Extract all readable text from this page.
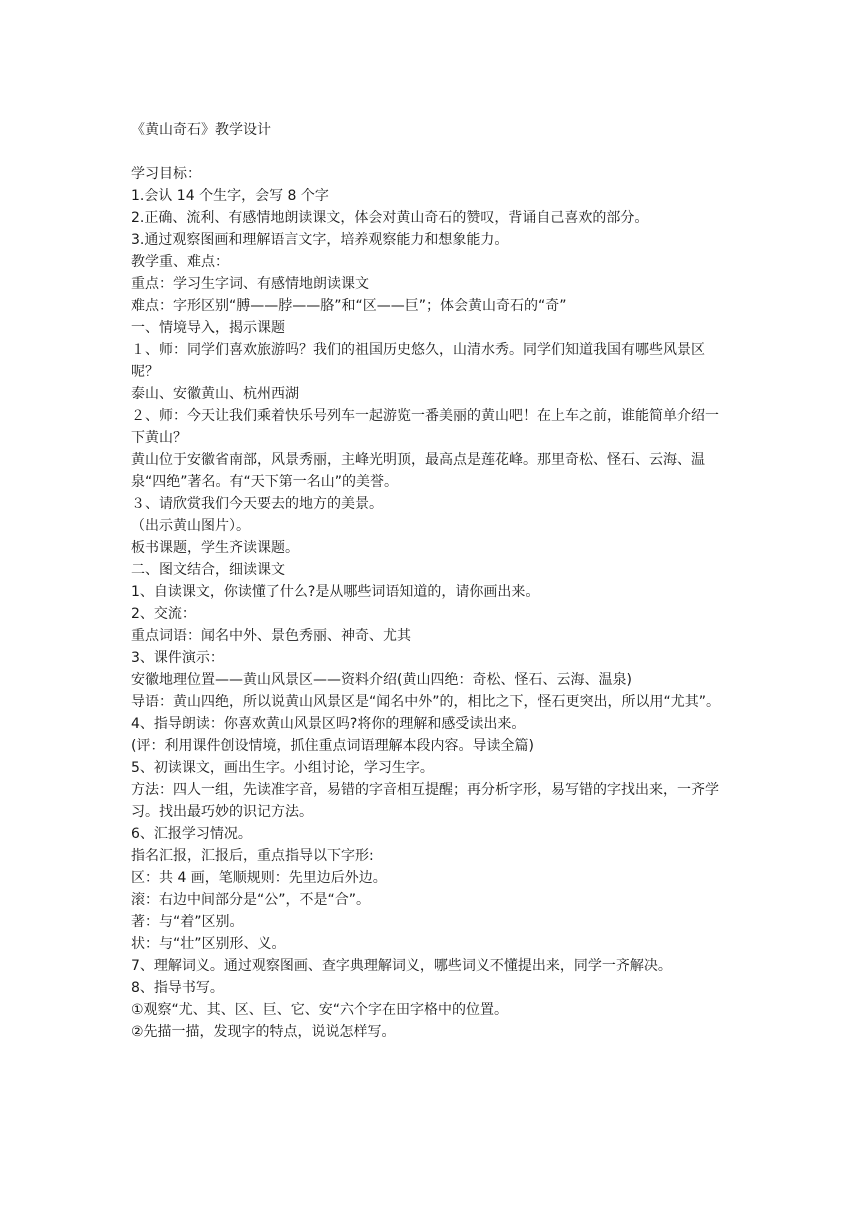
《黄山奇石》教学设计

学习目标：

1.会认 14 个生字，会写 8 个字

2.正确、流利、有感情地朗读课文，体会对黄山奇石的赞叹，背诵自己喜欢的部分。

3.通过观察图画和理解语言文字，培养观察能力和想象能力。

教学重、难点：

重点：学习生字词、有感情地朗读课文

难点：字形区别“膊——脖——胳”和“区——巨”；体会黄山奇石的“奇”

一、情境导入，揭示课题

１、师：同学们喜欢旅游吗？我们的祖国历史悠久，山清水秀。同学们知道我国有哪些风景区呢？

泰山、安徽黄山、杭州西湖

２、师：今天让我们乘着快乐号列车一起游览一番美丽的黄山吧！在上车之前，谁能简单介绍一下黄山？

黄山位于安徽省南部，风景秀丽，主峰光明顶，最高点是莲花峰。那里奇松、怪石、云海、温泉“四绝”著名。有“天下第一名山”的美誉。

３、请欣赏我们今天要去的地方的美景。

（出示黄山图片）。

板书课题，学生齐读课题。

二、图文结合，细读课文

1、自读课文，你读懂了什么?是从哪些词语知道的，请你画出来。

2、交流：

重点词语：闻名中外、景色秀丽、神奇、尤其

3、课件演示：

安徽地理位置——黄山风景区——资料介绍(黄山四绝：奇松、怪石、云海、温泉)

导语：黄山四绝，所以说黄山风景区是“闻名中外”的，相比之下，怪石更突出，所以用“尤其”。

4、指导朗读：你喜欢黄山风景区吗?将你的理解和感受读出来。

(评：利用课件创设情境，抓住重点词语理解本段内容。导读全篇)

5、初读课文，画出生字。小组讨论，学习生字。

方法：四人一组，先读准字音，易错的字音相互提醒；再分析字形，易写错的字找出来，一齐学习。找出最巧妙的识记方法。

6、汇报学习情况。

指名汇报，汇报后，重点指导以下字形:

区：共 4 画，笔顺规则：先里边后外边。

滚：右边中间部分是“公”，不是“合”。

著：与“着”区别。

状：与“壮”区别形、义。

7、理解词义。通过观察图画、查字典理解词义，哪些词义不懂提出来，同学一齐解决。

8、指导书写。

①观察“尤、其、区、巨、它、安“六个字在田字格中的位置。

②先描一描，发现字的特点，说说怎样写。
